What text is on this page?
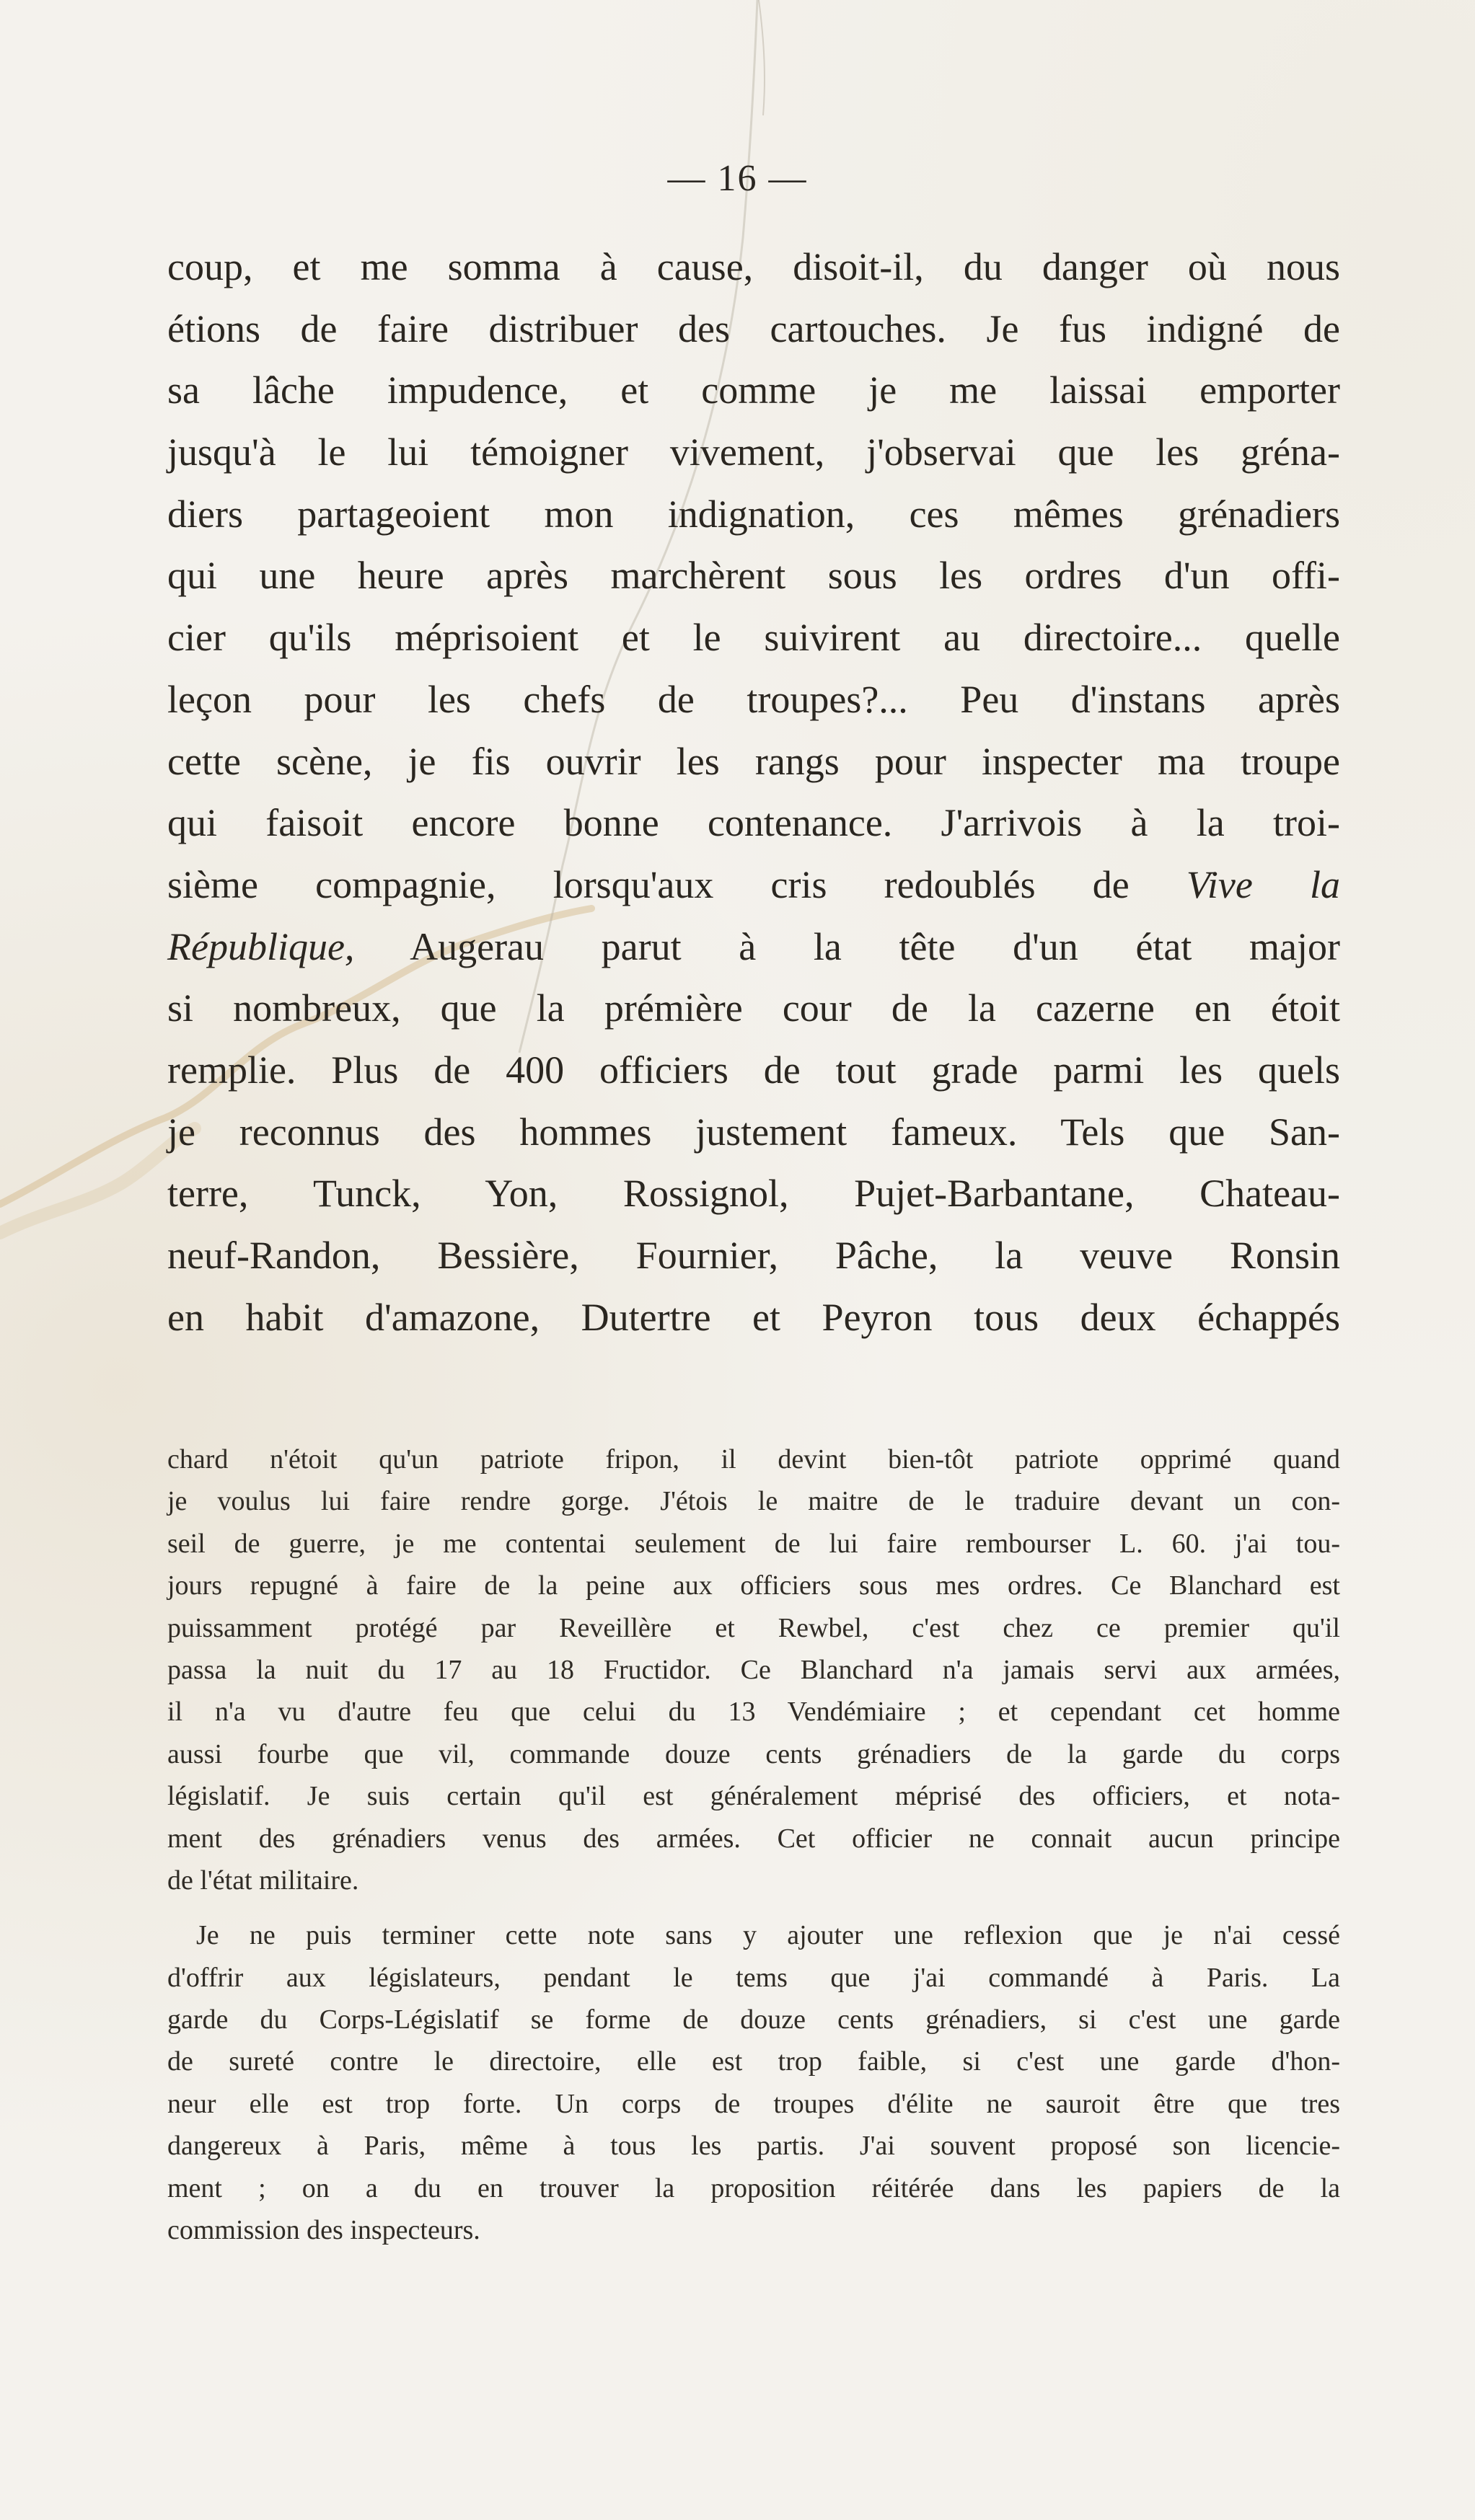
— 16 —
coup, et me somma à cause, disoit-il, du danger où nous
étions de faire distribuer des cartouches. Je fus indigné de
sa lâche impudence, et comme je me laissai emporter
jusqu'à le lui témoigner vivement, j'observai que les gréna-
diers partageoient mon indignation, ces mêmes grénadiers
qui une heure après marchèrent sous les ordres d'un offi-
cier qu'ils méprisoient et le suivirent au directoire... quelle
leçon pour les chefs de troupes?... Peu d'instans après
cette scène, je fis ouvrir les rangs pour inspecter ma troupe
qui faisoit encore bonne contenance. J'arrivois à la troi-
sième compagnie, lorsqu'aux cris redoublés de Vive la
République, Augerau parut à la tête d'un état major
si nombreux, que la prémière cour de la cazerne en étoit
remplie. Plus de 400 officiers de tout grade parmi les quels
je reconnus des hommes justement fameux. Tels que San-
terre, Tunck, Yon, Rossignol, Pujet-Barbantane, Chateau-
neuf-Randon, Bessière, Fournier, Pâche, la veuve Ronsin
en habit d'amazone, Dutertre et Peyron tous deux échappés
chard n'étoit qu'un patriote fripon, il devint bien-tôt patriote opprimé quand
je voulus lui faire rendre gorge. J'étois le maitre de le traduire devant un con-
seil de guerre, je me contentai seulement de lui faire rembourser L. 60. j'ai tou-
jours repugné à faire de la peine aux officiers sous mes ordres. Ce Blanchard est
puissamment protégé par Reveillère et Rewbel, c'est chez ce premier qu'il
passa la nuit du 17 au 18 Fructidor. Ce Blanchard n'a jamais servi aux armées,
il n'a vu d'autre feu que celui du 13 Vendémiaire ; et cependant cet homme
aussi fourbe que vil, commande douze cents grénadiers de la garde du corps
législatif. Je suis certain qu'il est généralement méprisé des officiers, et nota-
ment des grénadiers venus des armées. Cet officier ne connait aucun principe
de l'état militaire.
Je ne puis terminer cette note sans y ajouter une reflexion que je n'ai cessé
d'offrir aux législateurs, pendant le tems que j'ai commandé à Paris. La
garde du Corps-Législatif se forme de douze cents grénadiers, si c'est une garde
de sureté contre le directoire, elle est trop faible, si c'est une garde d'hon-
neur elle est trop forte. Un corps de troupes d'élite ne sauroit être que tres
dangereux à Paris, même à tous les partis. J'ai souvent proposé son licencie-
ment ; on a du en trouver la proposition réitérée dans les papiers de la
commission des inspecteurs.
